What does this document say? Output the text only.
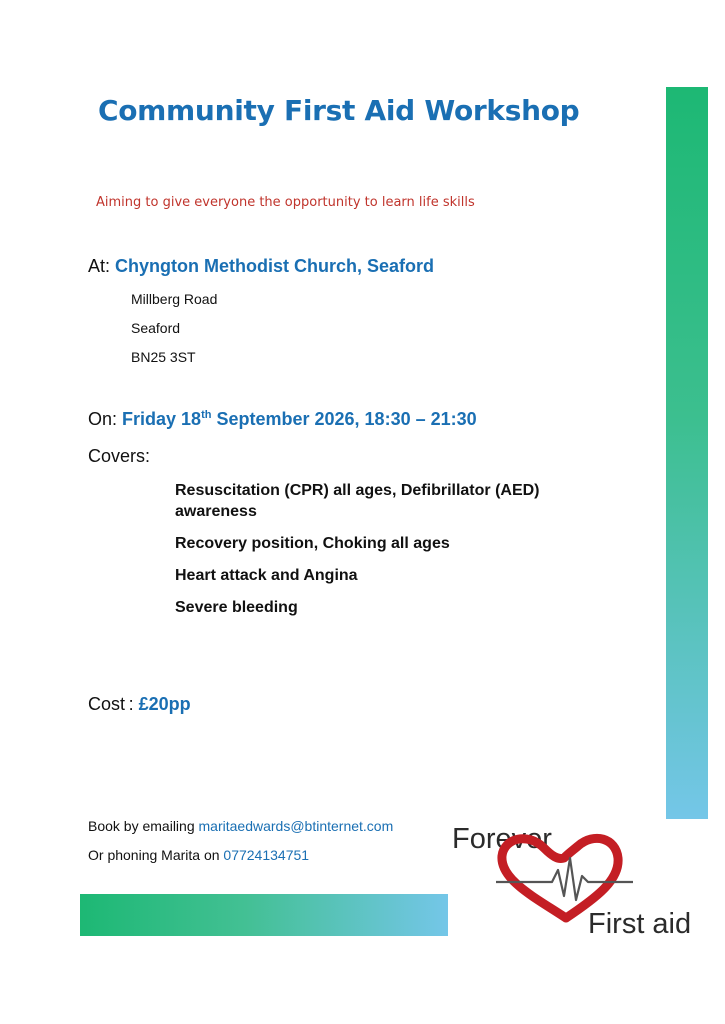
Community First Aid Workshop
Aiming to give everyone the opportunity to learn life skills
At: Chyngton Methodist Church, Seaford
Millberg Road
Seaford
BN25 3ST
On: Friday 18th September 2026, 18:30 – 21:30
Covers:
Resuscitation (CPR) all ages, Defibrillator (AED) awareness
Recovery position, Choking all ages
Heart attack and Angina
Severe bleeding
Cost : £20pp
Book by emailing maritaedwards@btinternet.com
Or phoning Marita on 07724134751	Forever
First aid
